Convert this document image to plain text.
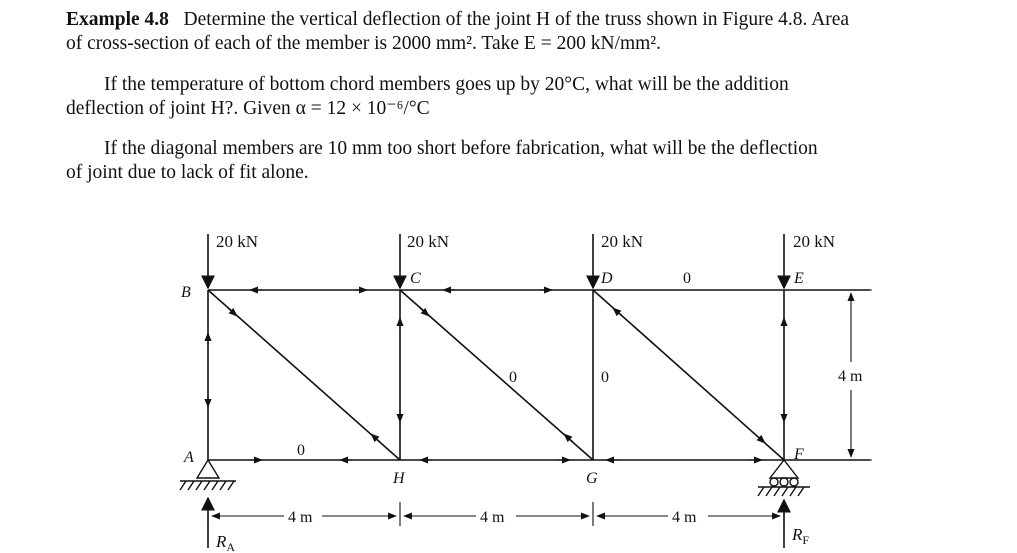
Example 4.8 Determine the vertical deflection of the joint H of the truss shown in Figure 4.8. Area
of cross-section of each of the member is 2000 mm². Take E = 200 kN/mm².
If the temperature of bottom chord members goes up by 20°C, what will be the addition
deflection of joint H?. Given α = 12 × 10⁻⁶/°C
If the diagonal members are 10 mm too short before fabrication, what will be the deflection
of joint due to lack of fit alone.
20 kN	20 kN	20 kN	20 kN
B
C	D	E
A
H	G
F
0
0	0
0
$R_A$
$R_F$
4 m	4 m	4 m
4 m
